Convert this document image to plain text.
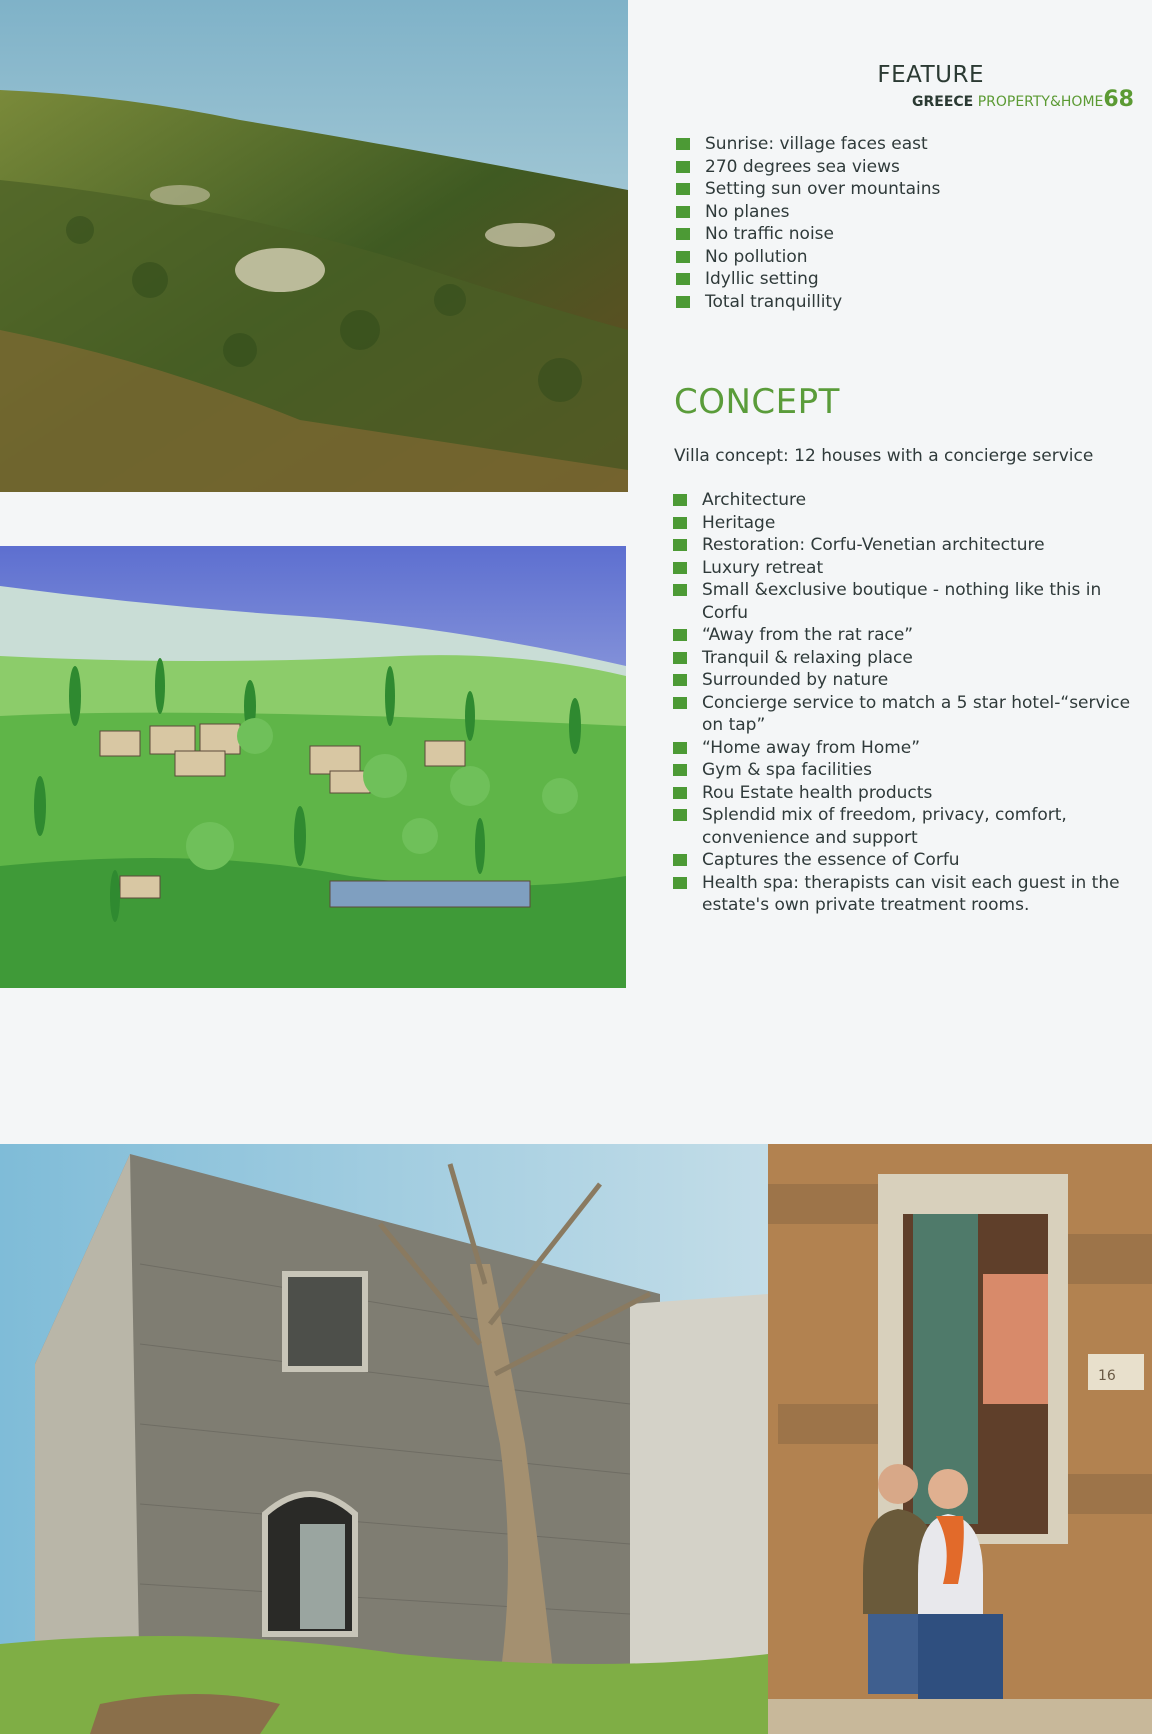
16
FEATURE
GREECE PROPERTY&HOME68
Sunrise: village faces east
270 degrees sea views
Setting sun over mountains
No planes
No traffic noise
No pollution
Idyllic setting
Total tranquillity
CONCEPT
Villa concept: 12 houses with a concierge service
Architecture
Heritage
Restoration: Corfu-Venetian architecture
Luxury retreat
Small &exclusive boutique - nothing like this in Corfu
“Away from the rat race”
Tranquil & relaxing place
Surrounded by nature
Concierge service to match a 5 star hotel-“service on tap”
“Home away from Home”
Gym & spa facilities
Rou Estate health products
Splendid mix of freedom, privacy, comfort, convenience and support
Captures the essence of Corfu
Health spa: therapists can visit each guest in the estate's own private treatment rooms.
